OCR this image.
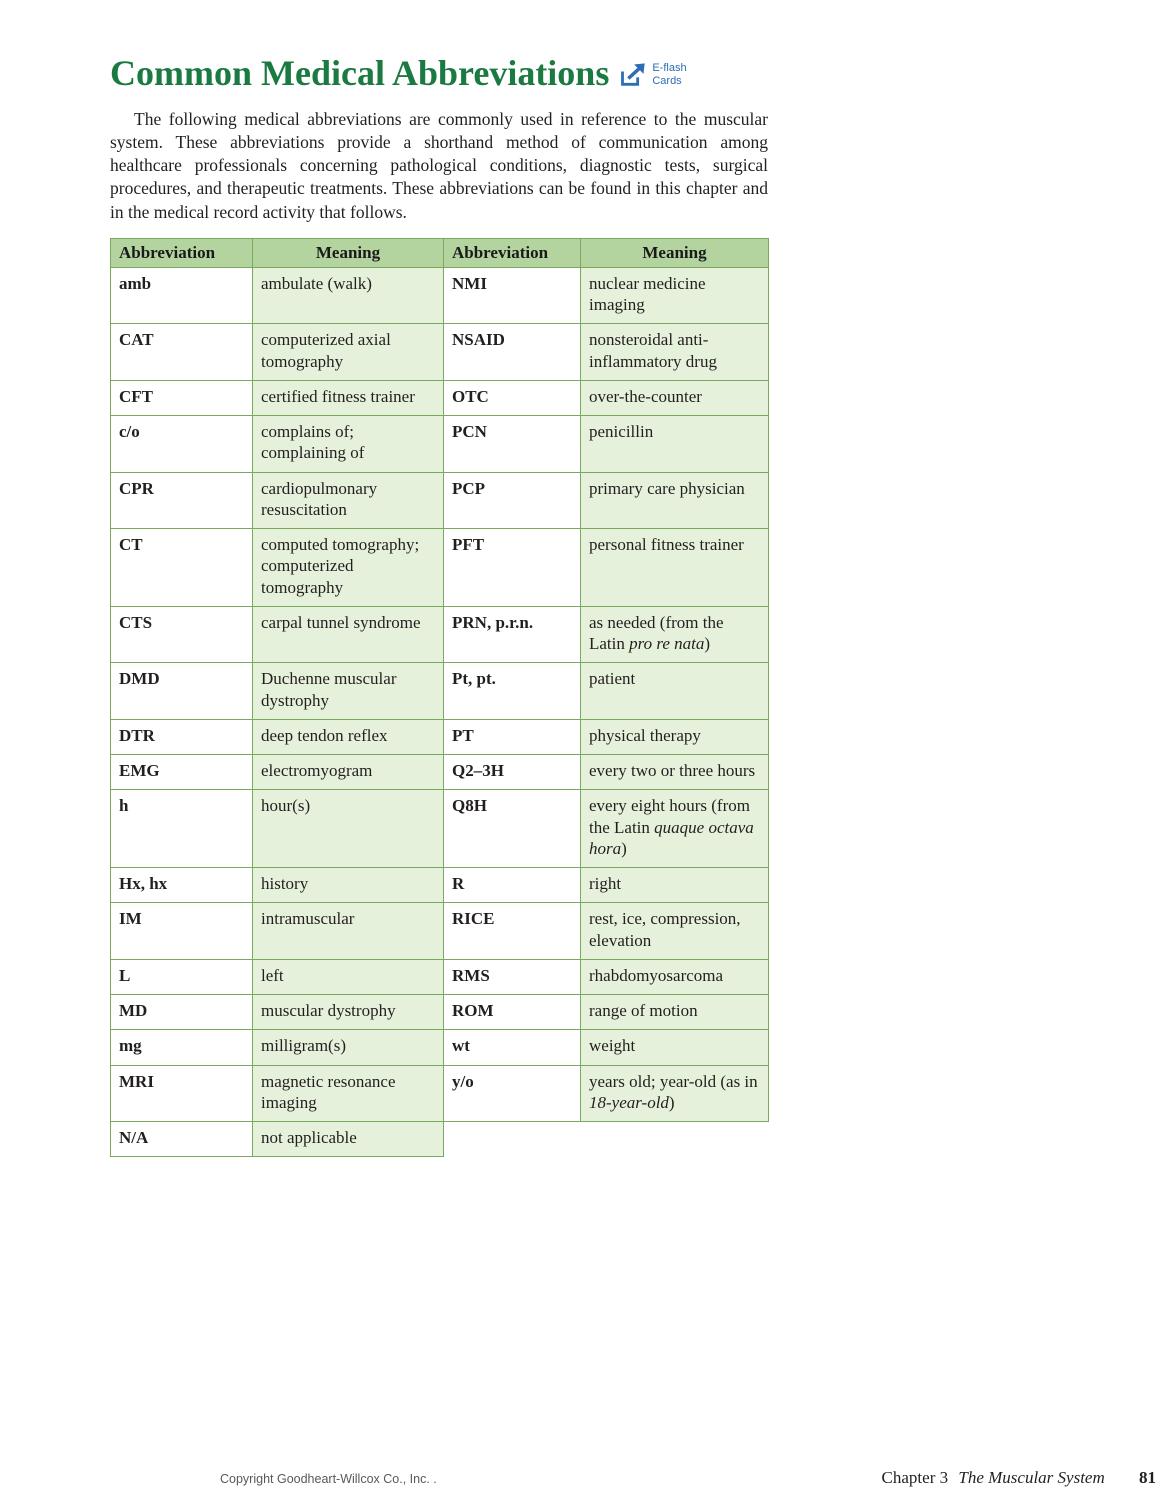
Common Medical Abbreviations	E-flash
Cards

The following medical abbreviations are commonly used in reference to the muscular system. These abbreviations provide a shorthand method of communication among healthcare professionals concerning pathological conditions, diagnostic tests, surgical procedures, and therapeutic treatments. These abbreviations can be found in this chapter and in the medical record activity that follows.

Abbreviation	Meaning	Abbreviation	Meaning
amb	ambulate (walk)	NMI	nuclear medicine imaging
CAT	computerized axial tomography	NSAID	nonsteroidal anti-inflammatory drug
CFT	certified fitness trainer	OTC	over-the-counter
c/o	complains of; complaining of	PCN	penicillin
CPR	cardiopulmonary resuscitation	PCP	primary care physician
CT	computed tomography; computerized tomography	PFT	personal fitness trainer
CTS	carpal tunnel syndrome	PRN, p.r.n.	as needed (from the Latin pro re nata)
DMD	Duchenne muscular dystrophy	Pt, pt.	patient
DTR	deep tendon reflex	PT	physical therapy
EMG	electromyogram	Q2–3H	every two or three hours
h	hour(s)	Q8H	every eight hours (from the Latin quaque octava hora)
Hx, hx	history	R	right
IM	intramuscular	RICE	rest, ice, compression, elevation
L	left	RMS	rhabdomyosarcoma
MD	muscular dystrophy	ROM	range of motion
mg	milligram(s)	wt	weight
MRI	magnetic resonance imaging	y/o	years old; year-old (as in 18-year-old)
N/A	not applicable		
Copyright Goodheart-Willcox Co., Inc. .	Chapter 3 The Muscular System 81
